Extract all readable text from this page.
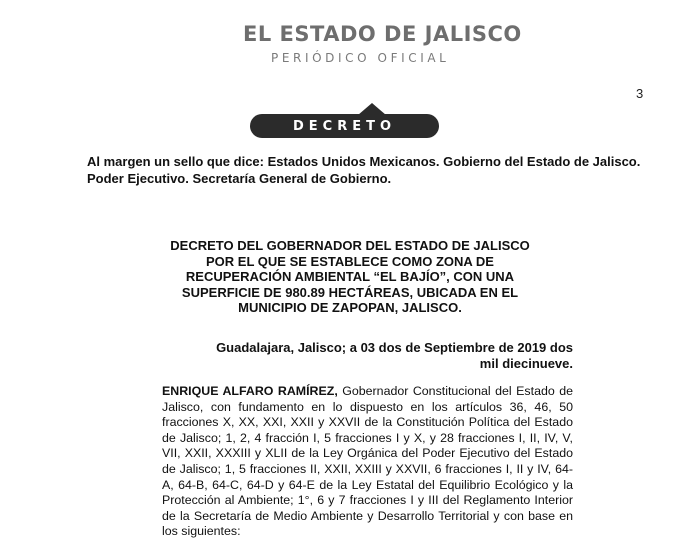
EL ESTADO DE JALISCO
PERIÓDICO OFICIAL
3
DECRETO
Al margen un sello que dice: Estados Unidos Mexicanos. Gobierno del Estado de Jalisco. Poder Ejecutivo. Secretaría General de Gobierno.
DECRETO DEL GOBERNADOR DEL ESTADO DE JALISCO POR EL QUE SE ESTABLECE COMO ZONA DE RECUPERACIÓN AMBIENTAL “EL BAJÍO”, CON UNA SUPERFICIE DE 980.89 HECTÁREAS, UBICADA EN EL MUNICIPIO DE ZAPOPAN, JALISCO.
Guadalajara, Jalisco; a 03 dos de Septiembre de 2019 dos mil diecinueve.
ENRIQUE ALFARO RAMÍREZ, Gobernador Constitucional del Estado de Jalisco, con fundamento en lo dispuesto en los artículos 36, 46, 50 fracciones X, XX, XXI, XXII y XXVII de la Constitución Política del Estado de Jalisco; 1, 2, 4 fracción I, 5 fracciones I y X, y 28 fracciones I, II, IV, V, VII, XXII, XXXIII y XLII de la Ley Orgánica del Poder Ejecutivo del Estado de Jalisco; 1, 5 fracciones II, XXII, XXIII y XXVII, 6 fracciones I, II y IV, 64-A, 64-B, 64-C, 64-D y 64-E de la Ley Estatal del Equilibrio Ecológico y la Protección al Ambiente; 1°, 6 y 7 fracciones I y III del Reglamento Interior de la Secretaría de Medio Ambiente y Desarrollo Territorial y con base en los siguientes:
